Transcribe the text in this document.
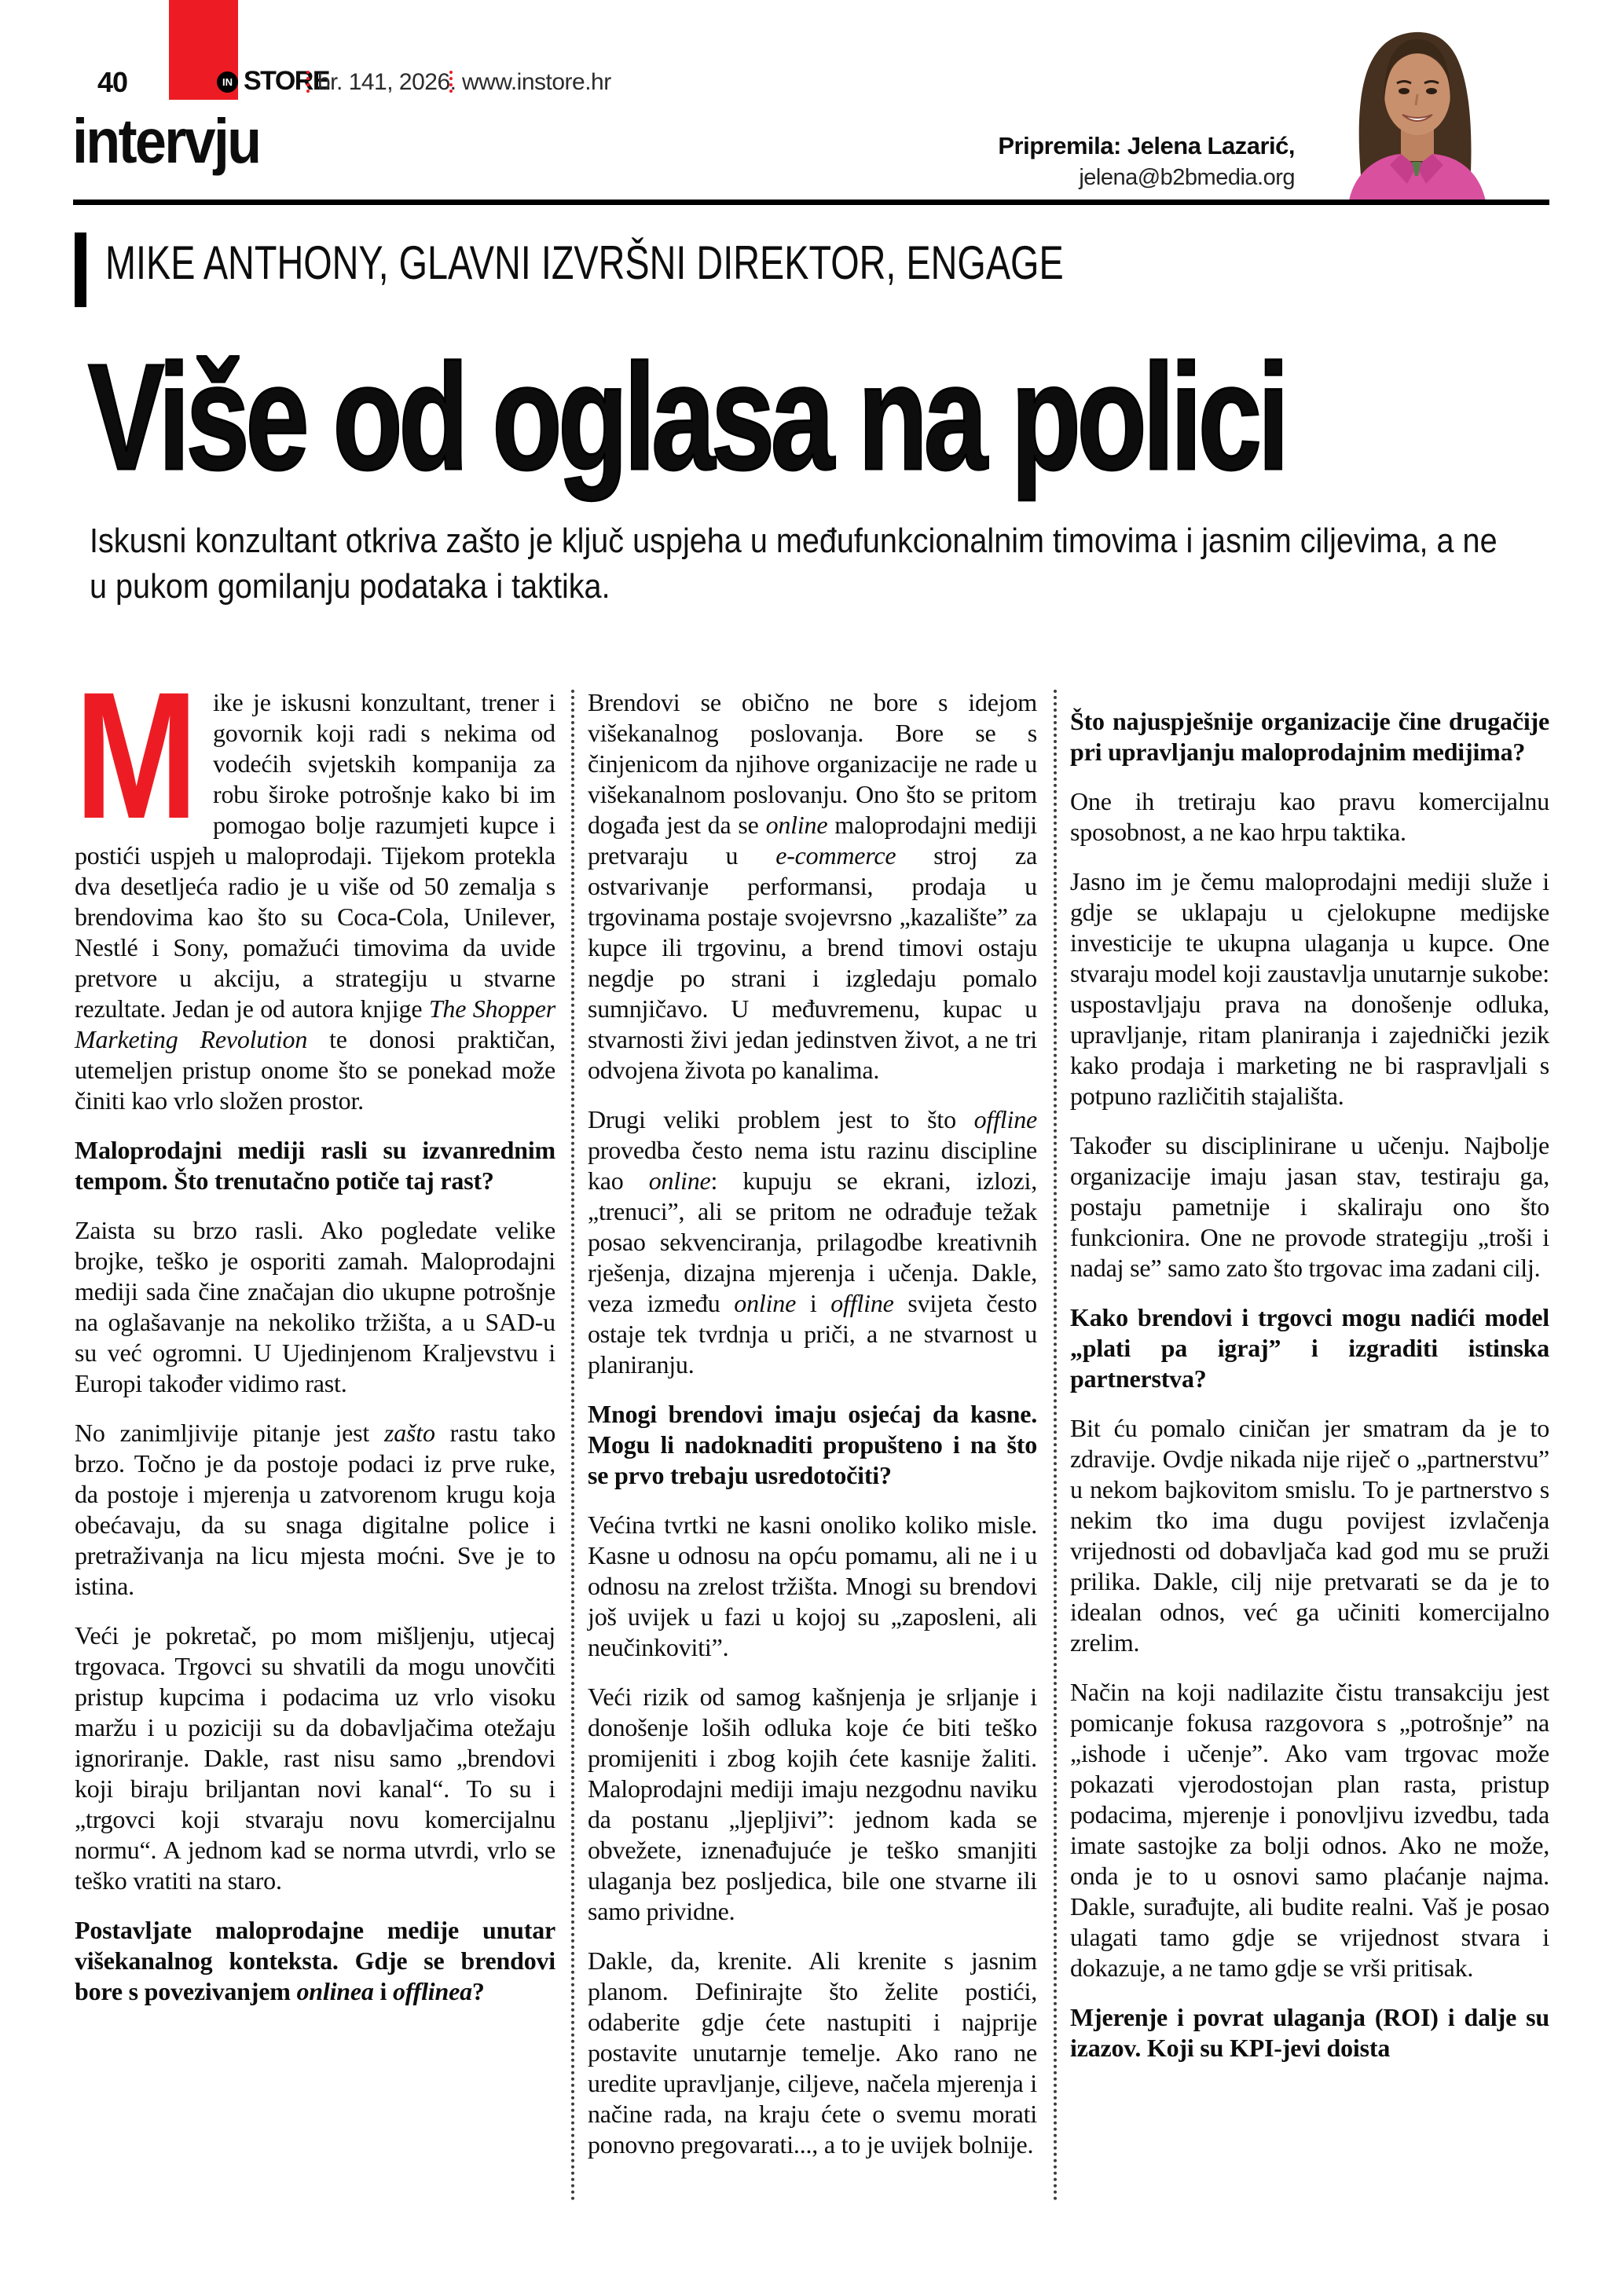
40	IN STORE
br. 141, 2026. www.instore.hr
intervju	Pripremila: Jelena Lazarić,
jelena@b2bmedia.org
MIKE ANTHONY, GLAVNI IZVRŠNI DIREKTOR, ENGAGE
Više od oglasa na polici
Iskusni konzultant otkriva zašto je ključ uspjeha u međufunkcionalnim timovima i jasnim ciljevima, a ne u pukom gomilanju podataka i taktika.

Mike je iskusni konzultant, trener i govornik koji radi s nekima od vodećih svjetskih kompanija za robu široke potrošnje kako bi im pomogao bolje razumjeti kupce i postići uspjeh u maloprodaji. Tijekom protekla dva desetljeća radio je u više od 50 zemalja s brendovima kao što su Coca-Cola, Unilever, Nestlé i Sony, pomažući timovima da uvide pretvore u akciju, a strategiju u stvarne rezultate. Jedan je od autora knjige The Shopper Marketing Revolution te donosi praktičan, utemeljen pristup onome što se ponekad može činiti kao vrlo složen prostor.

Maloprodajni mediji rasli su izvanrednim tempom. Što trenutačno potiče taj rast?

Zaista su brzo rasli. Ako pogledate velike brojke, teško je osporiti zamah. Maloprodajni mediji sada čine značajan dio ukupne potrošnje na oglašavanje na nekoliko tržišta, a u SAD-u su već ogromni. U Ujedinjenom Kraljevstvu i Europi također vidimo rast.

No zanimljivije pitanje jest zašto rastu tako brzo. Točno je da postoje podaci iz prve ruke, da postoje i mjerenja u zatvorenom krugu koja obećavaju, da su snaga digitalne police i pretraživanja na licu mjesta moćni. Sve je to istina.

Veći je pokretač, po mom mišljenju, utjecaj trgovaca. Trgovci su shvatili da mogu unovčiti pristup kupcima i podacima uz vrlo visoku maržu i u poziciji su da dobavljačima otežaju ignoriranje. Dakle, rast nisu samo „brendovi koji biraju briljantan novi kanal“. To su i „trgovci koji stvaraju novu komercijalnu normu“. A jednom kad se norma utvrdi, vrlo se teško vratiti na staro.

Postavljate maloprodajne medije unutar višekanalnog konteksta. Gdje se brendovi bore s povezivanjem onlinea i offlinea?

Brendovi se obično ne bore s idejom višekanalnog poslovanja. Bore se s činjenicom da njihove organizacije ne rade u višekanalnom poslovanju. Ono što se pritom događa jest da se online maloprodajni mediji pretvaraju u e-commerce stroj za ostvarivanje performansi, prodaja u trgovinama postaje svojevrsno „kazalište” za kupce ili trgovinu, a brend timovi ostaju negdje po strani i izgledaju pomalo sumnjičavo. U međuvremenu, kupac u stvarnosti živi jedan jedinstven život, a ne tri odvojena života po kanalima.

Drugi veliki problem jest to što offline provedba često nema istu razinu discipline kao online: kupuju se ekrani, izlozi, „trenuci”, ali se pritom ne odrađuje težak posao sekvenciranja, prilagodbe kreativnih rješenja, dizajna mjerenja i učenja. Dakle, veza između online i offline svijeta često ostaje tek tvrdnja u priči, a ne stvarnost u planiranju.

Mnogi brendovi imaju osjećaj da kasne. Mogu li nadoknaditi propušteno i na što se prvo trebaju usredotočiti?

Većina tvrtki ne kasni onoliko koliko misle. Kasne u odnosu na opću pomamu, ali ne i u odnosu na zrelost tržišta. Mnogi su brendovi još uvijek u fazi u kojoj su „zaposleni, ali neučinkoviti”.

Veći rizik od samog kašnjenja je srljanje i donošenje loših odluka koje će biti teško promijeniti i zbog kojih ćete kasnije žaliti. Maloprodajni mediji imaju nezgodnu naviku da postanu „ljepljivi”: jednom kada se obvežete, iznenađujuće je teško smanjiti ulaganja bez posljedica, bile one stvarne ili samo prividne.

Dakle, da, krenite. Ali krenite s jasnim planom. Definirajte što želite postići, odaberite gdje ćete nastupiti i najprije postavite unutarnje temelje. Ako rano ne uredite upravljanje, ciljeve, načela mjerenja i načine rada, na kraju ćete o svemu morati ponovno pregovarati..., a to je uvijek bolnije.

Što najuspješnije organizacije čine drugačije pri upravljanju maloprodajnim medijima?

One ih tretiraju kao pravu komercijalnu sposobnost, a ne kao hrpu taktika.

Jasno im je čemu maloprodajni mediji služe i gdje se uklapaju u cjelokupne medijske investicije te ukupna ulaganja u kupce. One stvaraju model koji zaustavlja unutarnje sukobe: uspostavljaju prava na donošenje odluka, upravljanje, ritam planiranja i zajednički jezik kako prodaja i marketing ne bi raspravljali s potpuno različitih stajališta.

Također su disciplinirane u učenju. Najbolje organizacije imaju jasan stav, testiraju ga, postaju pametnije i skaliraju ono što funkcionira. One ne provode strategiju „troši i nadaj se” samo zato što trgovac ima zadani cilj.

Kako brendovi i trgovci mogu nadići model „plati pa igraj” i izgraditi istinska partnerstva?

Bit ću pomalo ciničan jer smatram da je to zdravije. Ovdje nikada nije riječ o „partnerstvu” u nekom bajkovitom smislu. To je partnerstvo s nekim tko ima dugu povijest izvlačenja vrijednosti od dobavljača kad god mu se pruži prilika. Dakle, cilj nije pretvarati se da je to idealan odnos, već ga učiniti komercijalno zrelim.

Način na koji nadilazite čistu transakciju jest pomicanje fokusa razgovora s „potrošnje” na „ishode i učenje”. Ako vam trgovac može pokazati vjerodostojan plan rasta, pristup podacima, mjerenje i ponovljivu izvedbu, tada imate sastojke za bolji odnos. Ako ne može, onda je to u osnovi samo plaćanje najma. Dakle, surađujte, ali budite realni. Vaš je posao ulagati tamo gdje se vrijednost stvara i dokazuje, a ne tamo gdje se vrši pritisak.

Mjerenje i povrat ulaganja (ROI) i dalje su izazov. Koji su KPI-jevi doista
